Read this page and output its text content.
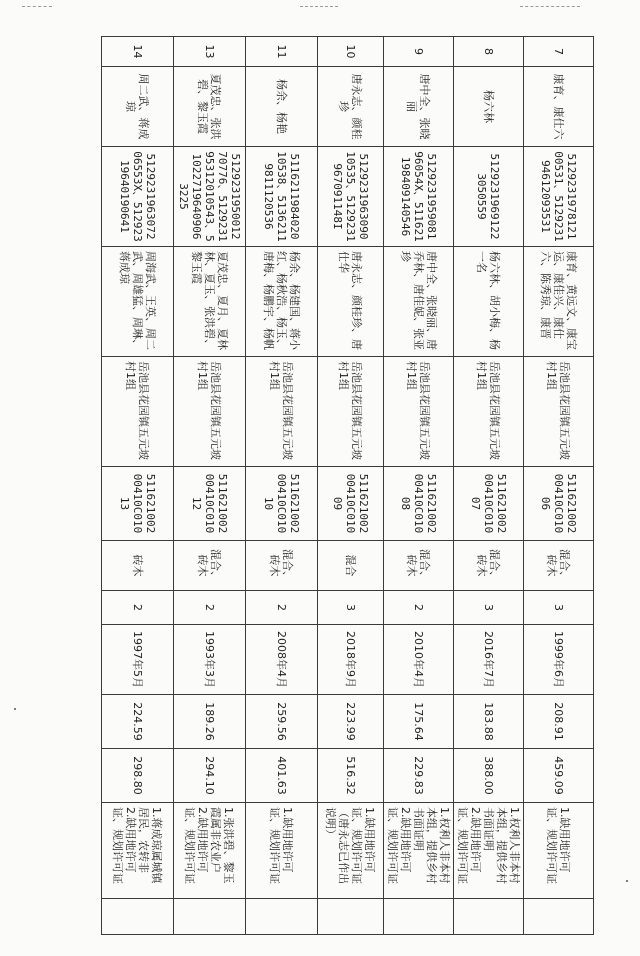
7	康育、康仕六	512923197812100531、512923194612093531	康育、黄远文、康宝运、康佳兴、康仕六、陈秀琼、康晋	岳池县花园镇五元坡村1组	51162100200410C01006	混合、砖木	3	1999年6月	208.91	459.09	1.缺用地许可证、规划许可证	

8	杨六林	51292319691223050559	杨六林、胡小梅、杨一名	岳池县花园镇五元坡村1组	51162100200410C01007	混合、砖木	3	2016年7月	183.88	388.00	1.权利人非本村本组，提供乡村书面证明
2.缺用地许可证、规划许可证	

9	唐中全、张晓丽	512923195908196054X、511621198409140546	唐中全、张晓丽、唐乔林、唐佳妮、张亚珍	岳池县花园镇五元坡村1组	51162100200410C01008	混合、砖木	2	2010年4月	175.64	229.83	1.权利人非本村本组，提供乡村书面证明
2.缺用地许可证、规划许可证	

10	唐永志、颜桂珍	512923196309010535、5129231967091148I	唐永志、颜桂珍、唐仕华	岳池县花园镇五元坡村1组	51162100200410C01009	混合	3	2018年9月	223.99	516.32	1.缺用地许可证、规划许可证
（唐永志已作出说明）	

11	杨余、杨艳	511621198402010538、51362119811120536	杨余、杨建国、蒋小红、杨秋浩、杨玉、唐梅、杨鹏宇、杨帆	岳池县花园镇五元坡村1组	51162100200410C01010	混合、砖木	2	2008年4月	259.56	401.63	1.缺用地许可证、规划许可证	

13	夏茂忠、张洪碧、黎玉霞	512923195001270776、512923195312010543、510227196409063225	夏茂忠、夏月、夏林林、夏玉、张洪碧、黎玉霞	岳池县花园镇五元坡村1组	51162100200410C01012	混合、砖木	2	1993年3月	189.26	294.10	1.张洪碧、黎玉霞属非农业户
2.缺用地许可证、规划许可证	

14	周二武、蒋成琼	512923196307206553X、51292319640190641	周海武、王英、周二武、周雄猛、周琳、蒋成琼	岳池县花园镇五元坡村1组	51162100200410C01013	砖木	2	1997年5月	224.59	298.80	1.蒋成琼属城镇居民，农转非
2.缺用地许可证、规划许可证	
